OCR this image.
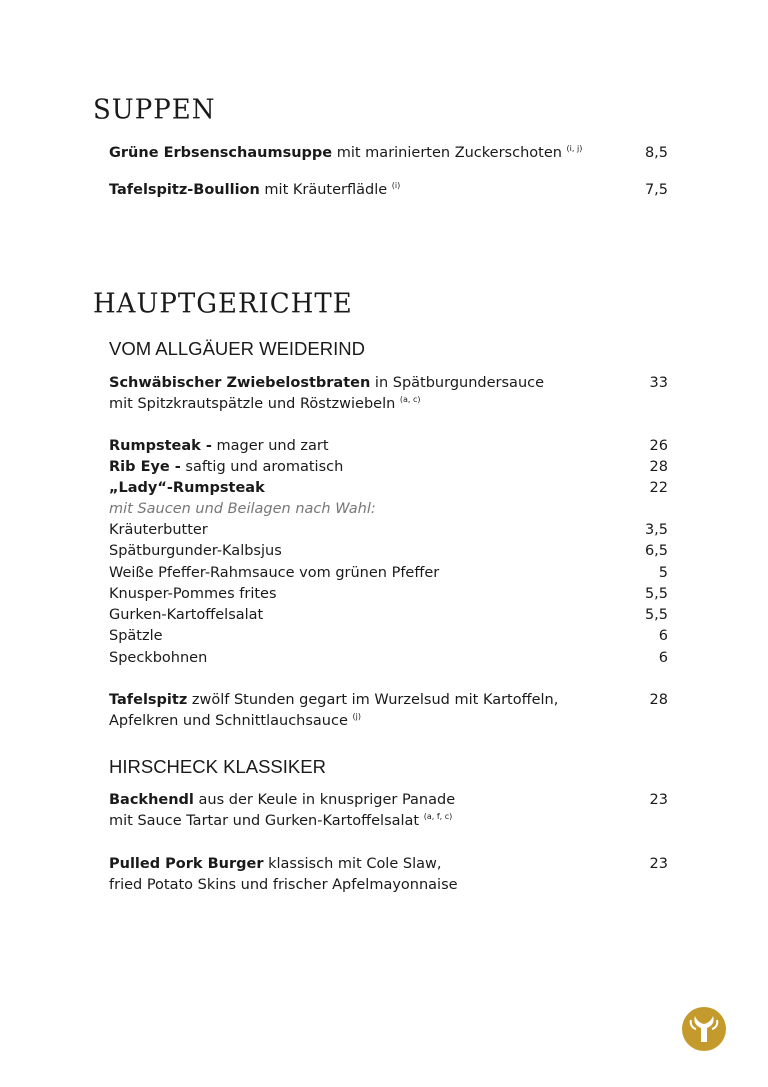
SUPPEN
Grüne Erbsenschaumsuppe mit marinierten Zuckerschoten $^{(i, j)}$	8,5
Tafelspitz-Boullion mit Kräuterflädle $^{(i)}$	7,5
HAUPTGERICHTE
VOM ALLGÄUER WEIDERIND
Schwäbischer Zwiebelostbraten in Spätburgundersauce	33
mit Spitzkrautspätzle und Röstzwiebeln $^{(a, c)}$
Rumpsteak - mager und zart	26
Rib Eye - saftig und aromatisch	28
„Lady“-Rumpsteak	22
mit Saucen und Beilagen nach Wahl:
Kräuterbutter	3,5
Spätburgunder-Kalbsjus	6,5
Weiße Pfeffer-Rahmsauce vom grünen Pfeffer	5
Knusper-Pommes frites	5,5
Gurken-Kartoffelsalat	5,5
Spätzle	6
Speckbohnen	6
Tafelspitz zwölf Stunden gegart im Wurzelsud mit Kartoffeln,	28
Apfelkren und Schnittlauchsauce $^{(j)}$
HIRSCHECK KLASSIKER
Backhendl aus der Keule in knuspriger Panade	23
mit Sauce Tartar und Gurken-Kartoffelsalat $^{(a, f, c)}$
Pulled Pork Burger klassisch mit Cole Slaw,	23
fried Potato Skins und frischer Apfelmayonnaise
